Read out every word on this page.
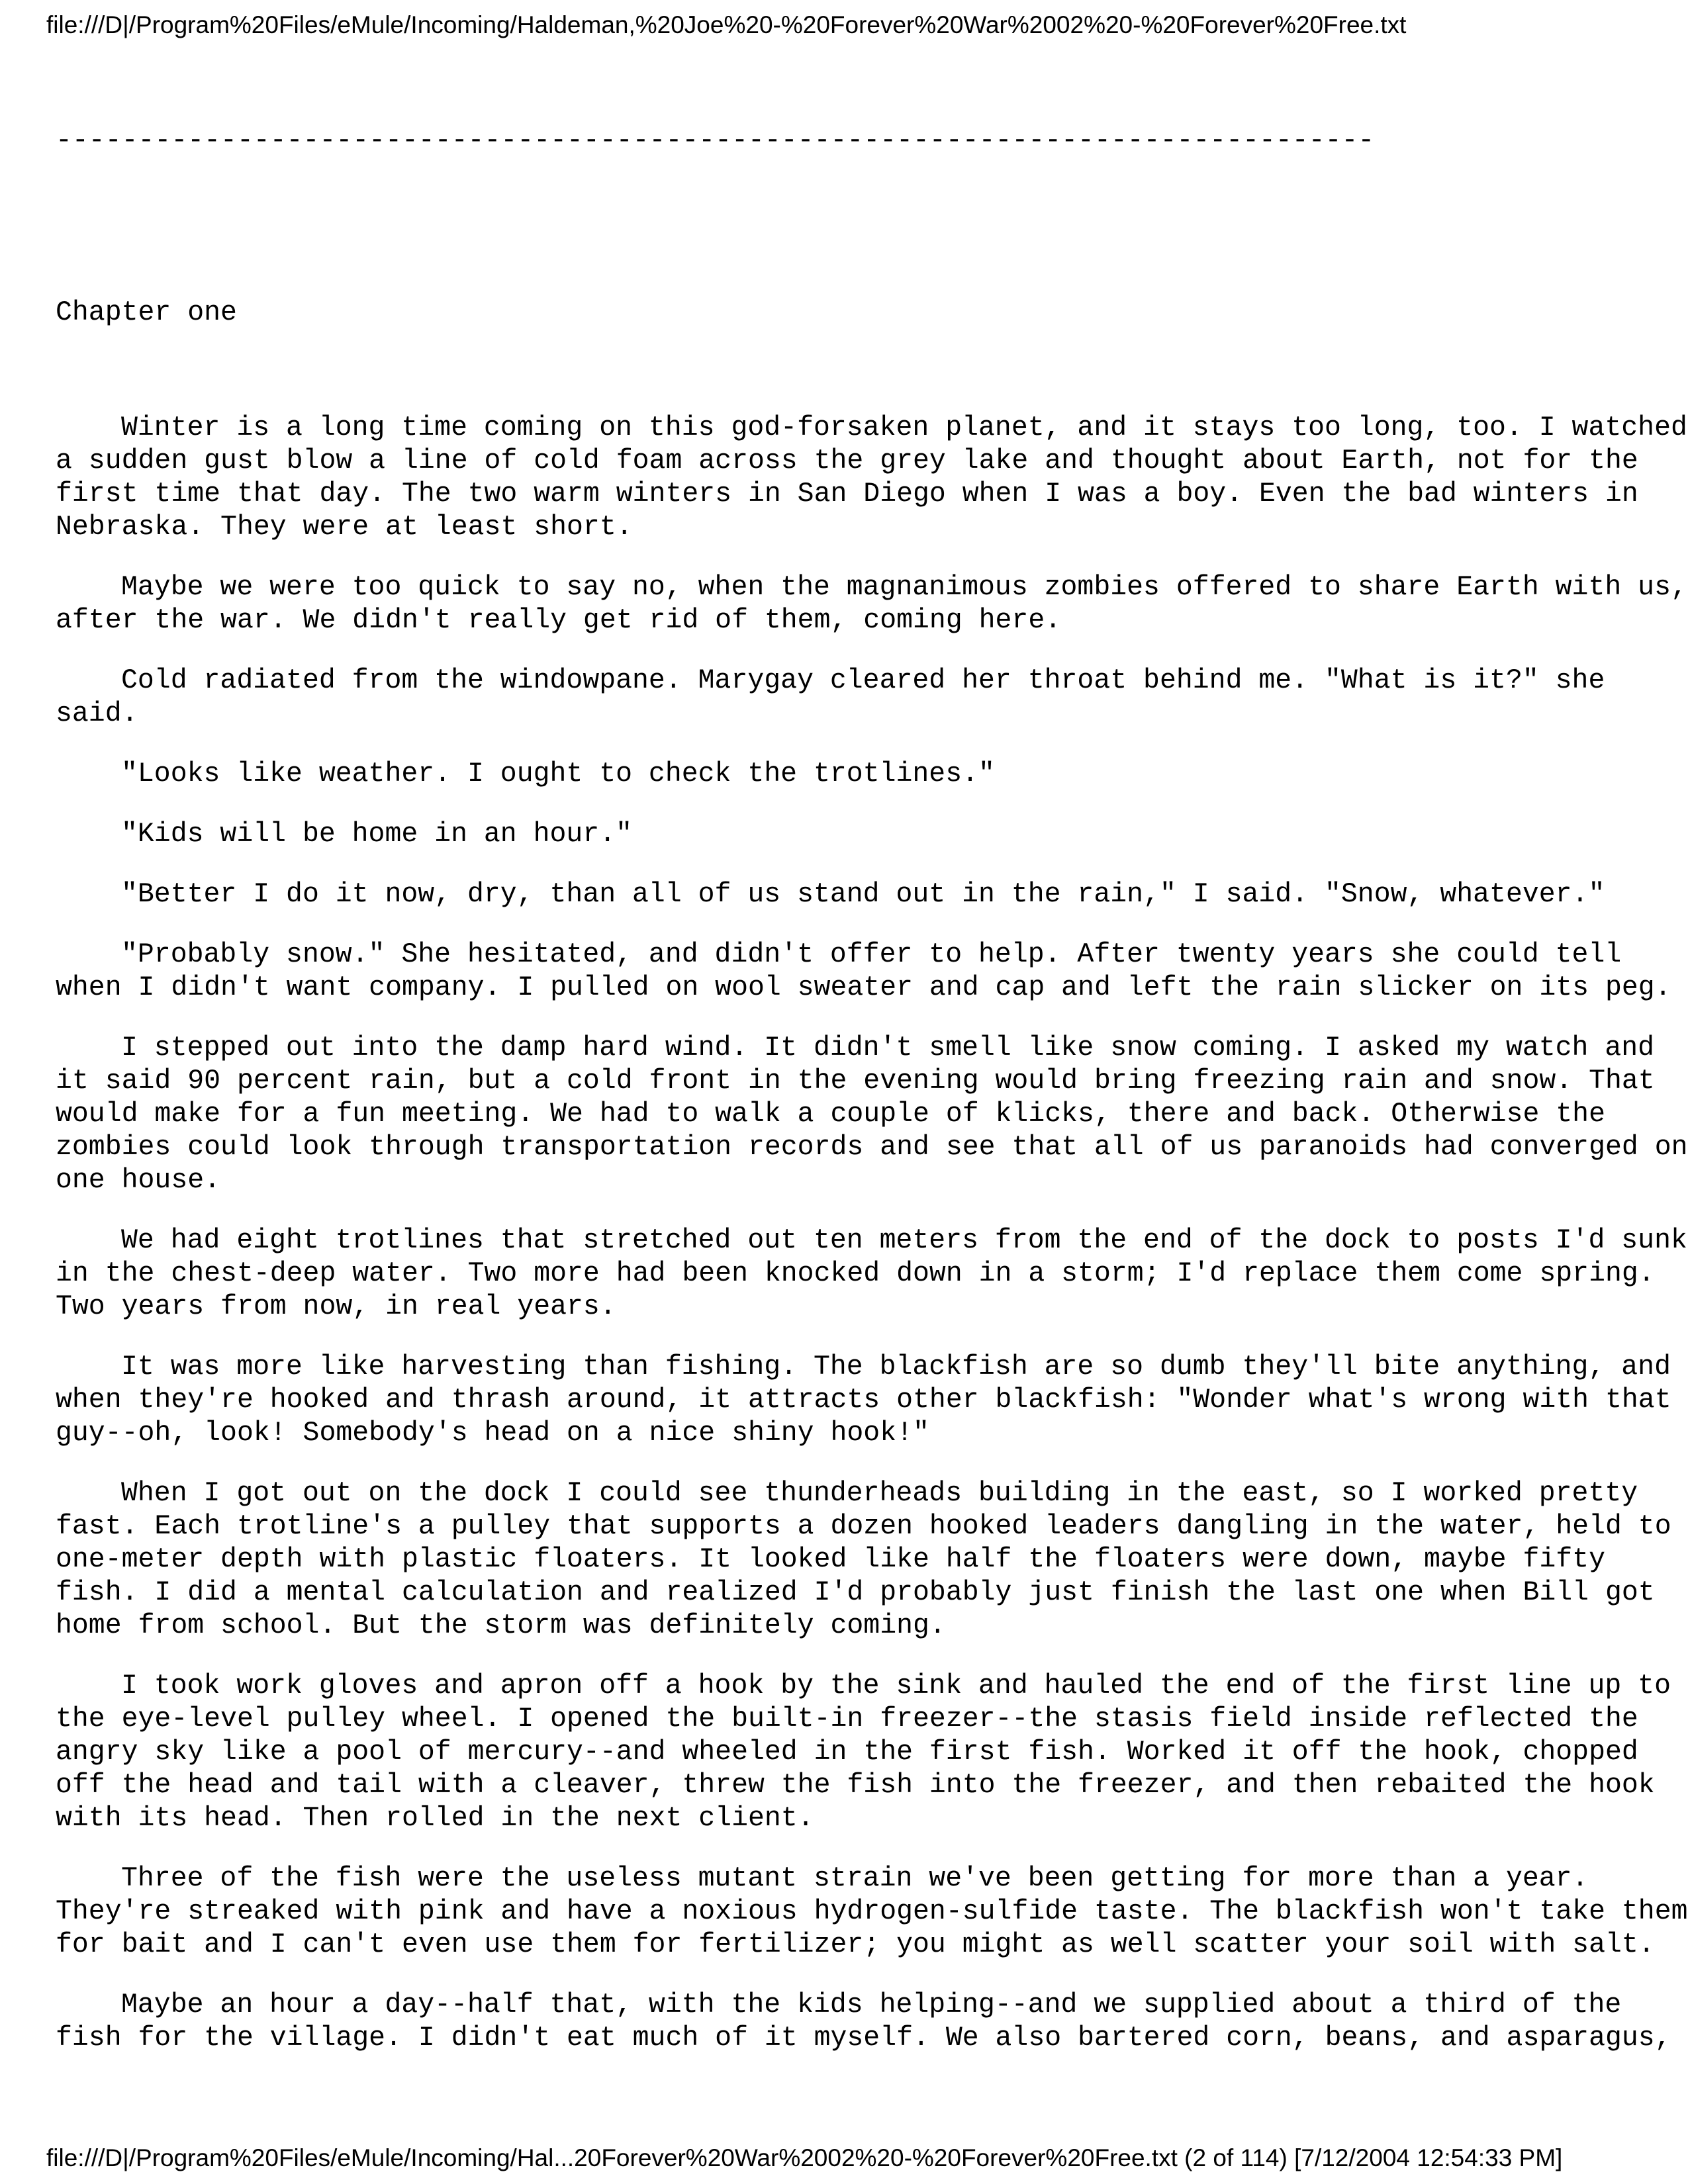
file:///D|/Program%20Files/eMule/Incoming/Haldeman,%20Joe%20-%20Forever%20War%2002%20-%20Forever%20Free.txt

--------------------------------------------------------------------------------

Chapter one

Winter is a long time coming on this god-forsaken planet, and it stays too long, too. I watched a sudden gust blow a line of cold foam across the grey lake and thought about Earth, not for the first time that day. The two warm winters in San Diego when I was a boy. Even the bad winters in Nebraska. They were at least short.

Maybe we were too quick to say no, when the magnanimous zombies offered to share Earth with us, after the war. We didn't really get rid of them, coming here.

Cold radiated from the windowpane. Marygay cleared her throat behind me. "What is it?" she said.

"Looks like weather. I ought to check the trotlines."

"Kids will be home in an hour."

"Better I do it now, dry, than all of us stand out in the rain," I said. "Snow, whatever."

"Probably snow." She hesitated, and didn't offer to help. After twenty years she could tell when I didn't want company. I pulled on wool sweater and cap and left the rain slicker on its peg.

I stepped out into the damp hard wind. It didn't smell like snow coming. I asked my watch and it said 90 percent rain, but a cold front in the evening would bring freezing rain and snow. That would make for a fun meeting. We had to walk a couple of klicks, there and back. Otherwise the zombies could look through transportation records and see that all of us paranoids had converged on one house.

We had eight trotlines that stretched out ten meters from the end of the dock to posts I'd sunk in the chest-deep water. Two more had been knocked down in a storm; I'd replace them come spring. Two years from now, in real years.

It was more like harvesting than fishing. The blackfish are so dumb they'll bite anything, and when they're hooked and thrash around, it attracts other blackfish: "Wonder what's wrong with that guy--oh, look! Somebody's head on a nice shiny hook!"

When I got out on the dock I could see thunderheads building in the east, so I worked pretty fast. Each trotline's a pulley that supports a dozen hooked leaders dangling in the water, held to one-meter depth with plastic floaters. It looked like half the floaters were down, maybe fifty fish. I did a mental calculation and realized I'd probably just finish the last one when Bill got home from school. But the storm was definitely coming.

I took work gloves and apron off a hook by the sink and hauled the end of the first line up to the eye-level pulley wheel. I opened the built-in freezer--the stasis field inside reflected the angry sky like a pool of mercury--and wheeled in the first fish. Worked it off the hook, chopped off the head and tail with a cleaver, threw the fish into the freezer, and then rebaited the hook with its head. Then rolled in the next client.

Three of the fish were the useless mutant strain we've been getting for more than a year. They're streaked with pink and have a noxious hydrogen-sulfide taste. The blackfish won't take them for bait and I can't even use them for fertilizer; you might as well scatter your soil with salt.

Maybe an hour a day--half that, with the kids helping--and we supplied about a third of the fish for the village. I didn't eat much of it myself. We also bartered corn, beans, and asparagus,

file:///D|/Program%20Files/eMule/Incoming/Hal...20Forever%20War%2002%20-%20Forever%20Free.txt (2 of 114) [7/12/2004 12:54:33 PM]
